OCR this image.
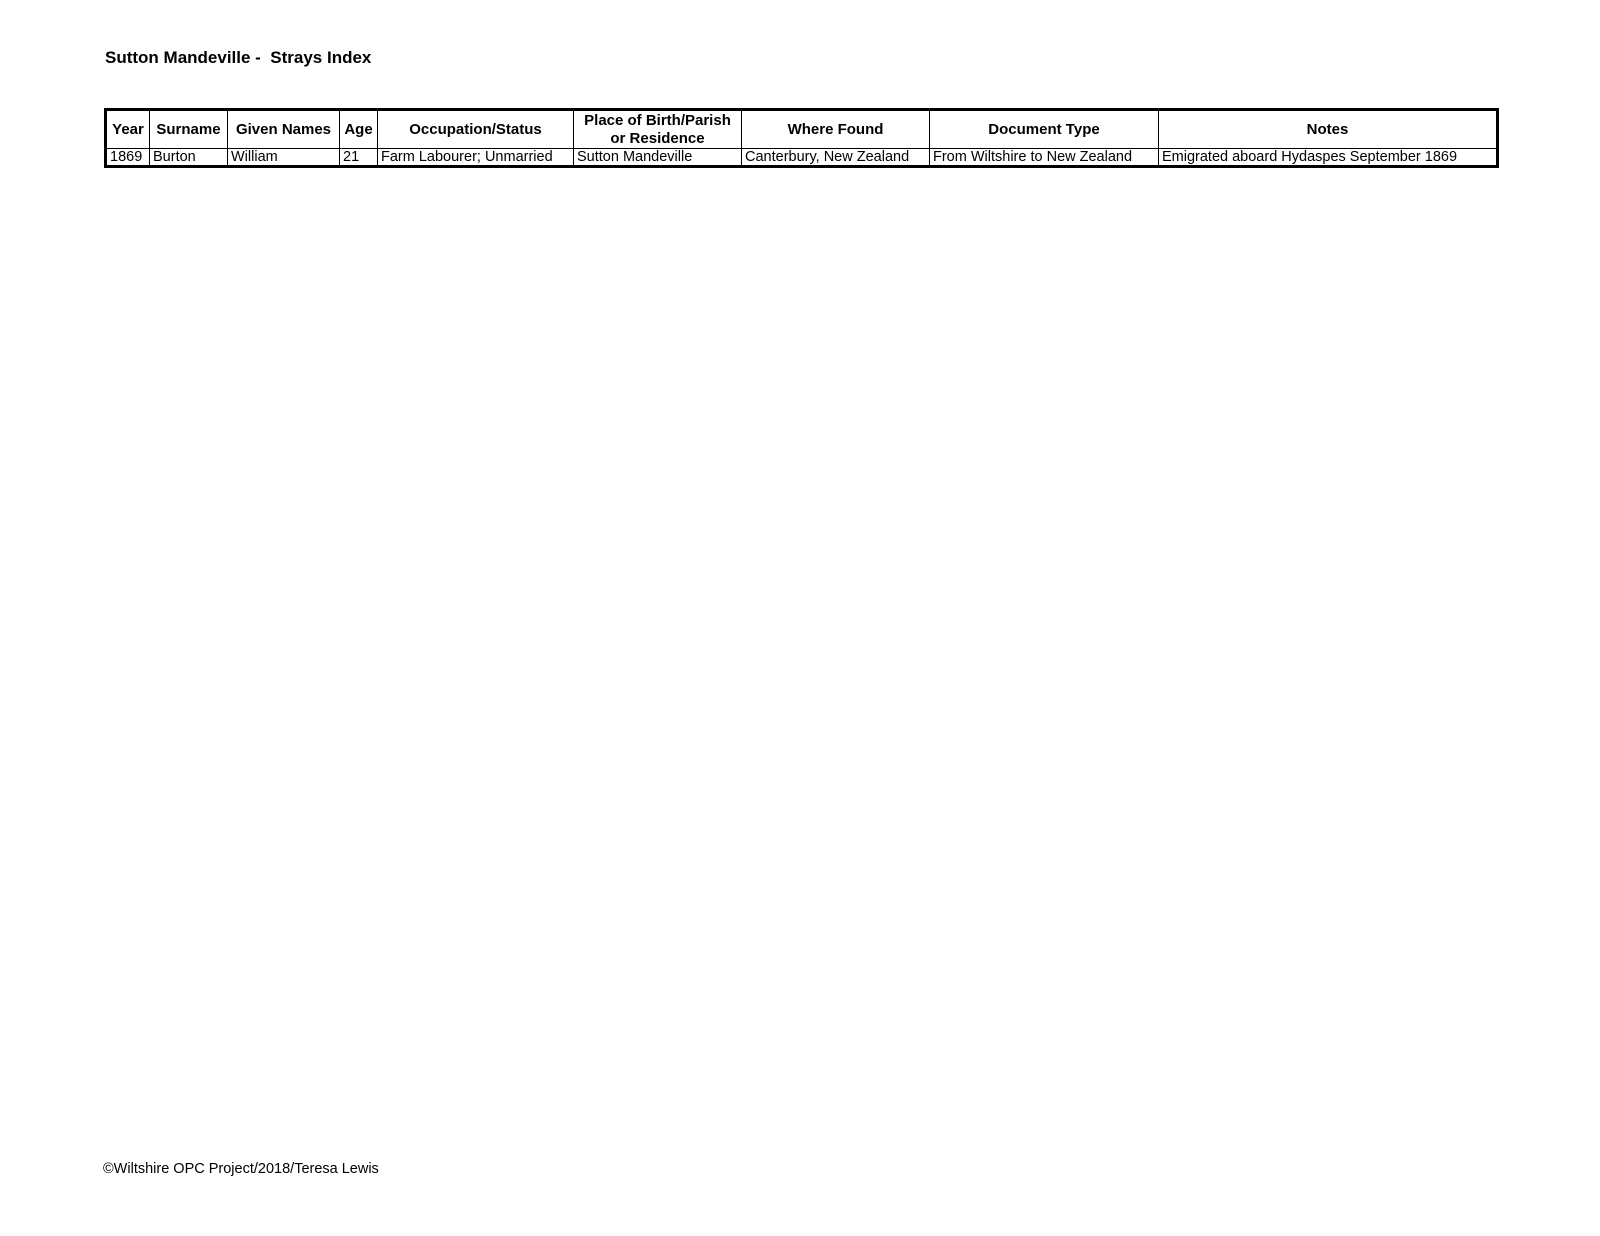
Sutton Mandeville -  Strays Index
Year	Surname	Given Names	Age	Occupation/Status	Place of Birth/Parish or Residence	Where Found	Document Type	Notes
1869	Burton	William	21	Farm Labourer; Unmarried	Sutton Mandeville	Canterbury, New Zealand	From Wiltshire to New Zealand	Emigrated aboard Hydaspes September 1869
©Wiltshire OPC Project/2018/Teresa Lewis
